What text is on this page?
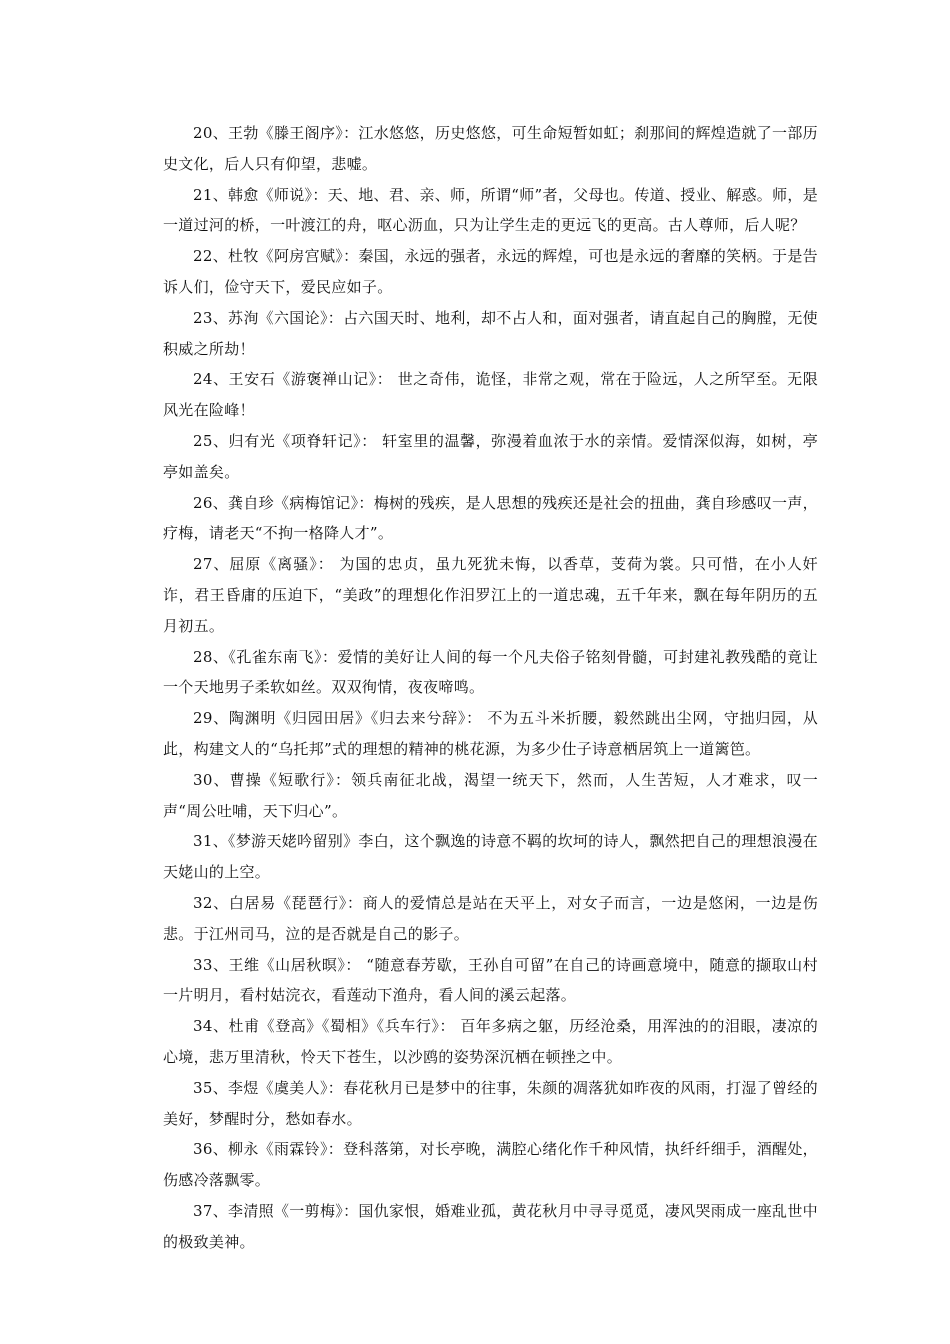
20、王勃《滕王阁序》：江水悠悠，历史悠悠，可生命短暂如虹；刹那间的辉煌造就了一部历史文化，后人只有仰望，悲嘘。

21、韩愈《师说》：天、地、君、亲、师，所谓“师”者，父母也。传道、授业、解惑。师，是一道过河的桥，一叶渡江的舟，呕心沥血，只为让学生走的更远飞的更高。古人尊师，后人呢？

22、杜牧《阿房宫赋》：秦国，永远的强者，永远的辉煌，可也是永远的奢靡的笑柄。于是告诉人们，俭守天下，爱民应如子。

23、苏洵《六国论》：占六国天时、地利，却不占人和，面对强者，请直起自己的胸膛，无使积威之所劫！

24、王安石《游褒禅山记》： 世之奇伟，诡怪，非常之观，常在于险远，人之所罕至。无限风光在险峰！

25、归有光《项脊轩记》： 轩室里的温馨，弥漫着血浓于水的亲情。爱情深似海，如树，亭亭如盖矣。

26、龚自珍《病梅馆记》：梅树的残疾，是人思想的残疾还是社会的扭曲，龚自珍感叹一声，疗梅，请老天“不拘一格降人才”。

27、屈原《离骚》： 为国的忠贞，虽九死犹未悔，以香草，芰荷为裳。只可惜，在小人奸诈，君王昏庸的压迫下，“美政”的理想化作汨罗江上的一道忠魂，五千年来，飘在每年阴历的五月初五。

28、《孔雀东南飞》：爱情的美好让人间的每一个凡夫俗子铭刻骨髓，可封建礼教残酷的竟让一个天地男子柔软如丝。双双徇情，夜夜啼鸣。

29、陶渊明《归园田居》《归去来兮辞》： 不为五斗米折腰，毅然跳出尘网，守拙归园，从此，构建文人的“乌托邦”式的理想的精神的桃花源，为多少仕子诗意栖居筑上一道篱笆。

30、曹操《短歌行》：领兵南征北战，渴望一统天下，然而，人生苦短，人才难求，叹一声“周公吐哺，天下归心”。

31、《梦游天姥吟留别》李白，这个飘逸的诗意不羁的坎坷的诗人，飘然把自己的理想浪漫在天姥山的上空。

32、白居易《琵琶行》：商人的爱情总是站在天平上，对女子而言，一边是悠闲，一边是伤悲。于江州司马，泣的是否就是自己的影子。

33、王维《山居秋暝》： “随意春芳歇，王孙自可留”在自己的诗画意境中，随意的撷取山村一片明月，看村姑浣衣，看莲动下渔舟，看人间的溪云起落。

34、杜甫《登高》《蜀相》《兵车行》： 百年多病之躯，历经沧桑，用浑浊的的泪眼，凄凉的心境，悲万里清秋，怜天下苍生，以沙鸥的姿势深沉栖在顿挫之中。

35、李煜《虞美人》：春花秋月已是梦中的往事，朱颜的凋落犹如昨夜的风雨，打湿了曾经的美好，梦醒时分，愁如春水。

36、柳永《雨霖铃》：登科落第，对长亭晚，满腔心绪化作千种风情，执纤纤细手，酒醒处，伤感冷落飘零。

37、李清照《一剪梅》：国仇家恨，婚难业孤，黄花秋月中寻寻觅觅，凄风哭雨成一座乱世中的极致美神。
